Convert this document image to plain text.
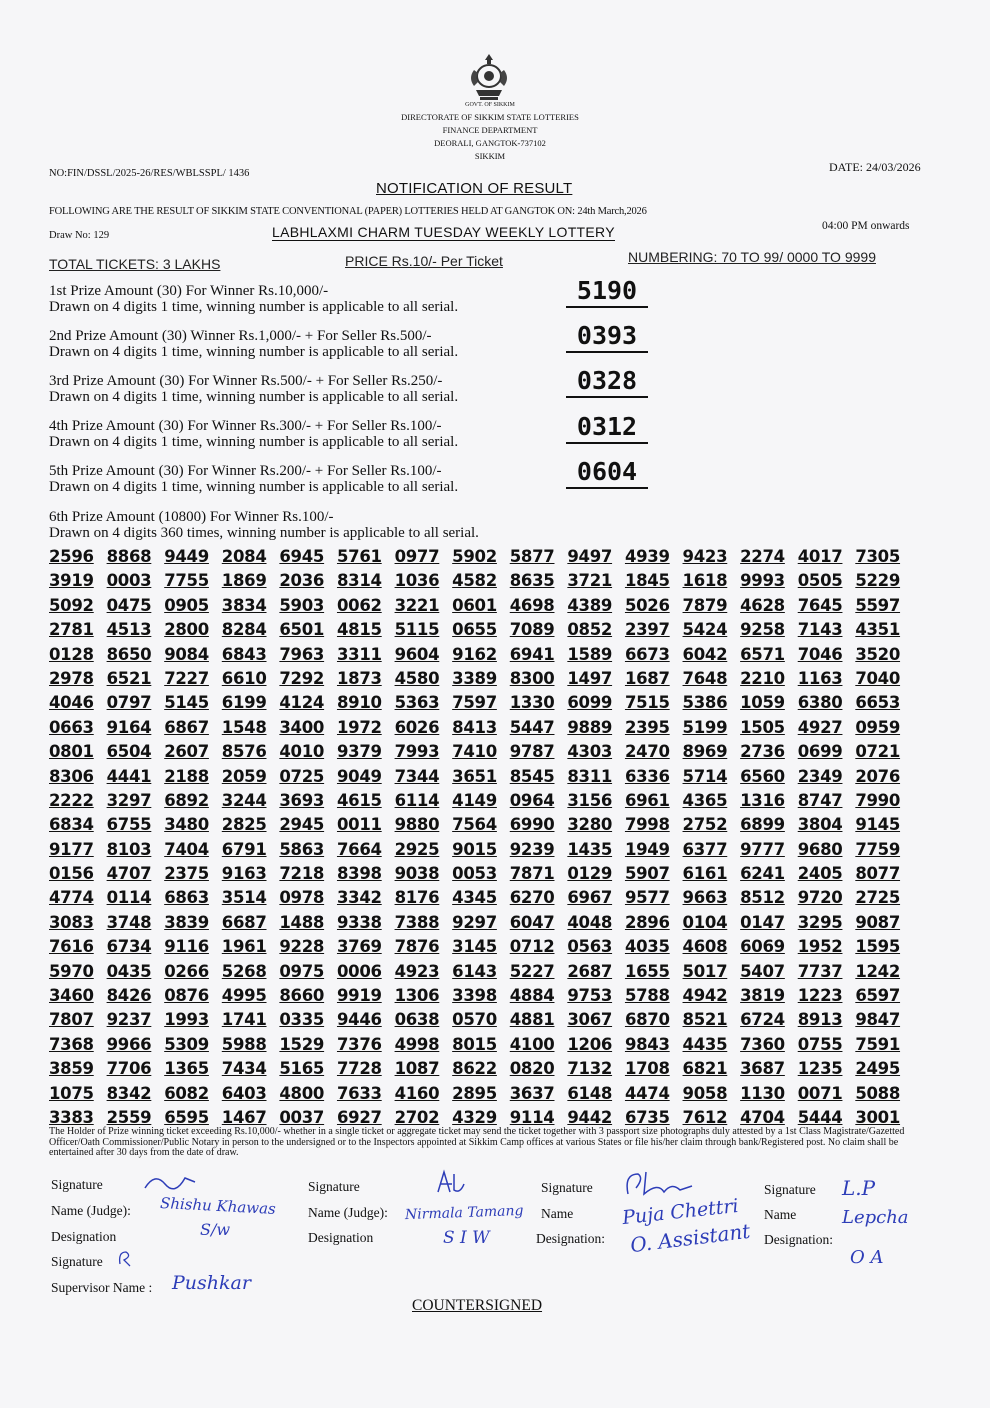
GOVT. OF SIKKIM
DIRECTORATE OF SIKKIM STATE LOTTERIES
FINANCE DEPARTMENT
DEORALI, GANGTOK-737102
SIKKIM
NO:FIN/DSSL/2025-26/RES/WBLSSPL/ 1436	DATE: 24/03/2026
NOTIFICATION OF RESULT
FOLLOWING ARE THE RESULT OF SIKKIM STATE CONVENTIONAL (PAPER) LOTTERIES HELD AT GANGTOK ON: 24th March,2026
Draw No: 129	LABHLAXMI CHARM TUESDAY WEEKLY LOTTERY	04:00 PM onwards
TOTAL TICKETS: 3 LAKHS	PRICE Rs.10/- Per Ticket	NUMBERING: 70 TO 99/ 0000 TO 9999
1st Prize Amount (30) For Winner Rs.10,000/-
Drawn on 4 digits 1 time, winning number is applicable to all serial.
5190
2nd Prize Amount (30) Winner Rs.1,000/- + For Seller Rs.500/-
Drawn on 4 digits 1 time, winning number is applicable to all serial.
0393
3rd Prize Amount (30) For Winner Rs.500/- + For Seller Rs.250/-
Drawn on 4 digits 1 time, winning number is applicable to all serial.
0328
4th Prize Amount (30) For Winner Rs.300/- + For Seller Rs.100/-
Drawn on 4 digits 1 time, winning number is applicable to all serial.
0312
5th Prize Amount (30) For Winner Rs.200/- + For Seller Rs.100/-
Drawn on 4 digits 1 time, winning number is applicable to all serial.
0604
6th Prize Amount (10800) For Winner Rs.100/-
Drawn on 4 digits 360 times, winning number is applicable to all serial.
2596 8868 9449 2084 6945 5761 0977 5902 5877 9497 4939 9423 2274 4017 7305
3919 0003 7755 1869 2036 8314 1036 4582 8635 3721 1845 1618 9993 0505 5229
5092 0475 0905 3834 5903 0062 3221 0601 4698 4389 5026 7879 4628 7645 5597
2781 4513 2800 8284 6501 4815 5115 0655 7089 0852 2397 5424 9258 7143 4351
0128 8650 9084 6843 7963 3311 9604 9162 6941 1589 6673 6042 6571 7046 3520
2978 6521 7227 6610 7292 1873 4580 3389 8300 1497 1687 7648 2210 1163 7040
4046 0797 5145 6199 4124 8910 5363 7597 1330 6099 7515 5386 1059 6380 6653
0663 9164 6867 1548 3400 1972 6026 8413 5447 9889 2395 5199 1505 4927 0959
0801 6504 2607 8576 4010 9379 7993 7410 9787 4303 2470 8969 2736 0699 0721
8306 4441 2188 2059 0725 9049 7344 3651 8545 8311 6336 5714 6560 2349 2076
2222 3297 6892 3244 3693 4615 6114 4149 0964 3156 6961 4365 1316 8747 7990
6834 6755 3480 2825 2945 0011 9880 7564 6990 3280 7998 2752 6899 3804 9145
9177 8103 7404 6791 5863 7664 2925 9015 9239 1435 1949 6377 9777 9680 7759
0156 4707 2375 9163 7218 8398 9038 0053 7871 0129 5907 6161 6241 2405 8077
4774 0114 6863 3514 0978 3342 8176 4345 6270 6967 9577 9663 8512 9720 2725
3083 3748 3839 6687 1488 9338 7388 9297 6047 4048 2896 0104 0147 3295 9087
7616 6734 9116 1961 9228 3769 7876 3145 0712 0563 4035 4608 6069 1952 1595
5970 0435 0266 5268 0975 0006 4923 6143 5227 2687 1655 5017 5407 7737 1242
3460 8426 0876 4995 8660 9919 1306 3398 4884 9753 5788 4942 3819 1223 6597
7807 9237 1993 1741 0335 9446 0638 0570 4881 3067 6870 8521 6724 8913 9847
7368 9966 5309 5988 1529 7376 4998 8015 4100 1206 9843 4435 7360 0755 7591
3859 7706 1365 7434 5165 7728 1087 8622 0820 7132 1708 6821 3687 1235 2495
1075 8342 6082 6403 4800 7633 4160 2895 3637 6148 4474 9058 1130 0071 5088
3383 2559 6595 1467 0037 6927 2702 4329 9114 9442 6735 7612 4704 5444 3001
The Holder of Prize winning ticket exceeding Rs.10,000/- whether in a single ticket or aggregate ticket may send the ticket together with 3 passport size photographs duly attested by a 1st Class Magistrate/Gazetted Officer/Oath Commissioner/Public Notary in person to the undersigned or to the Inspectors appointed at Sikkim Camp offices at various States or file his/her claim through bank/Registered post. No claim shall be entertained after 30 days from the date of draw.
Signature
Name (Judge):
Designation
Signature
Supervisor Name :
Signature
Name (Judge):
Designation
Signature
Name
Designation:
Signature
Name
Designation:
Shishu Khawas
S/w
Nirmala Tamang
S I W
Puja Chettri
O. Assistant
L.P
Lepcha
O A
Pushkar
COUNTERSIGNED
